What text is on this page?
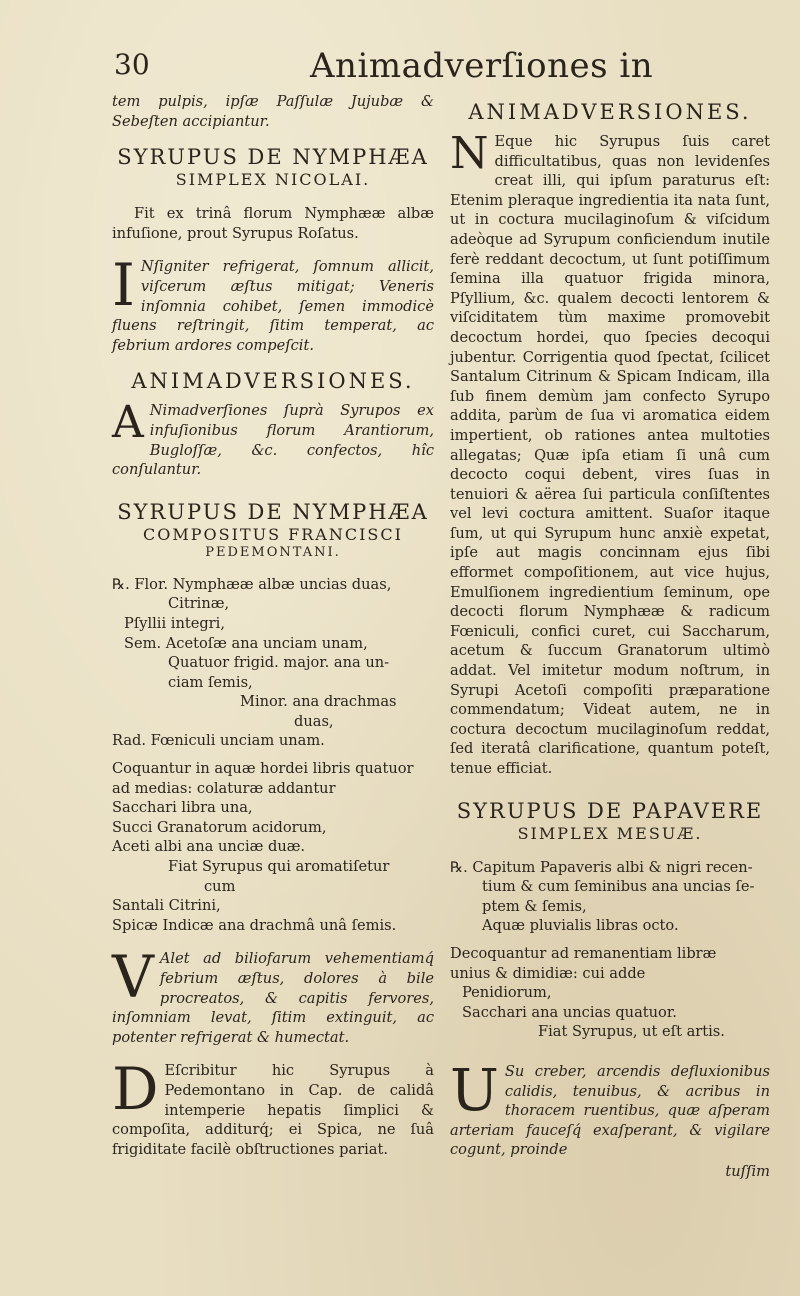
30	Animadverſiones in

tem pulpis, ipſæ Paſſulæ Jujubæ & Sebeſten accipiantur.

SYRUPUS DE NYMPHÆA

SIMPLEX NICOLAI.

Fit ex trinâ florum Nymphææ albæ infuſione, prout Syrupus Roſatus.

I Nſigniter refrigerat, ſomnum allicit, viſcerum æſtus mitigat; Veneris inſomnia cohibet, ſemen immodicè fluens reſtringit, ſitim temperat, ac febrium ardores compeſcit.

ANIMADVERSIONES.

A Nimadverſiones ſuprà Syrupos ex infuſionibus florum Arantiorum, Bugloſſæ, &c. confectos, hîc conſulantur.

SYRUPUS DE NYMPHÆA

COMPOSITUS FRANCISCI

PEDEMONTANI.

℞. Flor. Nymphææ albæ uncias duas,

Citrinæ,

Pſyllii integri,

Sem. Acetoſæ ana unciam unam,

Quatuor frigid. major. ana un-

ciam ſemis,

Minor. ana drachmas

duas,

Rad. Fœniculi unciam unam.

Coquantur in aquæ hordei libris quatuor

ad medias: colaturæ addantur

Sacchari libra una,

Succi Granatorum acidorum,

Aceti albi ana unciæ duæ.

Fiat Syrupus qui aromatiſetur

cum

Santali Citrini,

Spicæ Indicæ ana drachmâ unâ ſemis.

V Alet ad biliofarum vehementiamq́ febrium æſtus, dolores à bile procreatos, & capitis fervores, inſomniam levat, ſitim extinguit, ac potenter refrigerat & humectat.

D Eſcribitur hic Syrupus à Pedemontano in Cap. de calidâ intemperie hepatis ſimplici & compoſita, additurq́; ei Spica, ne ſuâ frigiditate facilè obſtructiones pariat.

ANIMADVERSIONES.

N Eque hic Syrupus ſuis caret difficultatibus, quas non levidenſes creat illi, qui ipſum paraturus eſt: Etenim pleraque ingredientia ita nata ſunt, ut in coctura mucilaginoſum & viſcidum adeòque ad Syrupum conficiendum inutile ferè reddant decoctum, ut ſunt potiſſimum ſemina illa quatuor frigida minora, Pſyllium, &c. qualem decocti lentorem & viſciditatem tùm maxime promovebit decoctum hordei, quo ſpecies decoqui jubentur. Corrigentia quod ſpectat, ſcilicet Santalum Citrinum & Spicam Indicam, illa ſub finem demùm jam confecto Syrupo addita, parùm de ſua vi aromatica eidem impertient, ob rationes antea multoties allegatas; Quæ ipſa etiam ſi unâ cum decocto coqui debent, vires ſuas in tenuiori & aërea ſui particula conſiſtentes vel levi coctura amittent. Suaſor itaque ſum, ut qui Syrupum hunc anxiè expetat, ipſe aut magis concinnam ejus ſibi efformet compoſitionem, aut vice hujus, Emulſionem ingredientium ſeminum, ope decocti florum Nymphææ & radicum Fœniculi, confici curet, cui Saccharum, acetum & ſuccum Granatorum ultimò addat. Vel imitetur modum noſtrum, in Syrupi Acetoſi compoſiti præparatione commendatum; Videat autem, ne in coctura decoctum mucilaginoſum reddat, ſed iteratâ clarificatione, quantum poteſt, tenue efficiat.

SYRUPUS DE PAPAVERE

SIMPLEX MESUÆ.

℞. Capitum Papaveris albi & nigri recen-

tium & cum ſeminibus ana uncias ſe-

ptem & ſemis,

Aquæ pluvialis libras octo.

Decoquantur ad remanentiam libræ

unius & dimidiæ: cui adde

Penidiorum,

Sacchari ana uncias quatuor.

Fiat Syrupus, ut eſt artis.

U Su creber, arcendis defluxionibus calidis, tenuibus, & acribus in thoracem ruentibus, quæ aſperam arteriam fauceſq́ exaſperant, & vigilare cogunt, proinde

tuſſim
